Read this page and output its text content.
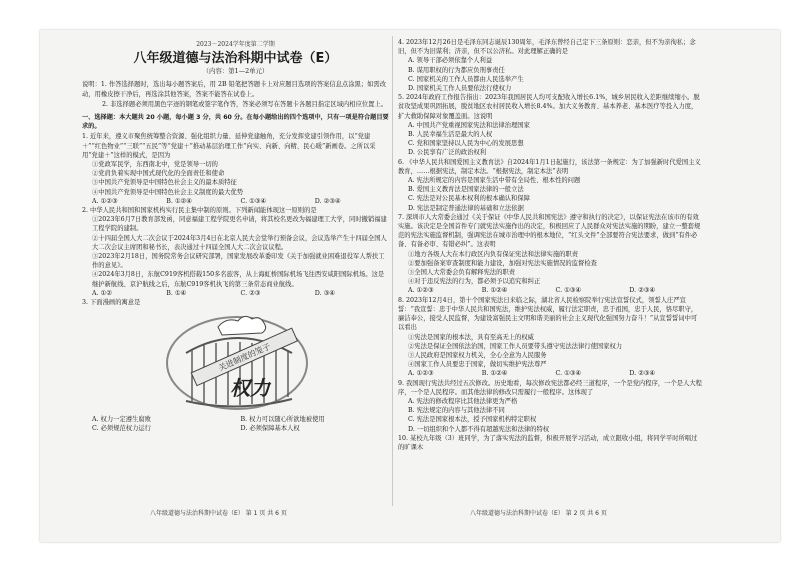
2023－2024学年度第二学期
八年级道德与法治科期中试卷（E）
（内容：第1—2单元）

说明：1. 作答选择题时，选出每小题答案后，用 2B 铅笔把答题卡上对应题目选项的答案信息点涂黑；如需改动，用橡皮擦干净后，再选涂其他答案，答案不能答在试卷上。

2. 非选择题必须用黑色字迹的钢笔或签字笔作答，答案必须写在答题卡各题目指定区域内相应位置上。

一、选择题：本大题共 20 小题，每小题 3 分，共 60 分。在每小题给出的四个选项中，只有一项是符合题目要求的。

1. 近年来，遵义市聚焦统筹整合资源、强化组织力量、延伸党建触角，充分发挥党建引领作用，以“党建＋”“红色物业”“三联”“五民”等“党建＋”推动基层治理工作“向实、向新、向精、民心暖”新画卷。之所以采用“党建＋”这样的模式，是因为

①党政军民学，东西南北中，党是领导一切的

②党肩负着实现中国式现代化的全面责任和使命

③中国共产党领导是中国特色社会主义的最本质特征

④中国共产党领导是中国特色社会主义制度的最大优势

A. ①②③	B. ①②④	C. ①③④	D. ②③④

2. 中华人民共和国和国家机构实行民主集中制的原则。下列新闻能体现这一原则的是

①2023年6月7日教育部发函，同意福建工程学院更名申请，将其校名更改为福建理工大学，同时撤销福建工程学院的建制。

②十四届全国人大二次会议于2024年3月4日在北京人民大会堂举行预备会议，会议选举产生十四届全国人大二次会议主席团和秘书长，表决通过十四届全国人大二次会议议程。

③2023年2月18日，国务院常务会议研究部署，国家发展改革委印发《关于加强就业困难退役军人帮扶工作的意见》。

④2024年3月8日，东航C919客机搭载150多名旅客，从上海虹桥国际机场飞往西安咸阳国际机场。这是继护新航线、京沪航线之后，东航C919客机执飞的第三条常态商业航线。

A. ①②	B. ①④	C. ②③	D. ③④

3. 下面漫画的寓意是

关进制度的笼子
权力
A. 权力一定遵生腐败	B. 权力可以随心所欲地被使用
C. 必须规范权力运行	D. 必须保障基本人权

4. 2023年12月26日是毛泽东同志诞辰130周年，毛泽东曾经自己定下三条原则：恋亲，但不为亲徇私；念旧，但不为旧谋利；济亲，但不以公济私。对此理解正确的是

A. 领导干部必须依靠个人利益

B. 谋用职权的行为都应负刑事责任

C. 国家机关的工作人员都由人民选举产生

D. 国家机关工作人员要依法行使权力

5. 2024年政府工作报告指出：2023年我国居民人均可支配收入增长6.1%，城乡居民收入差距继续缩小。脱贫攻坚成果巩固拓展，脱贫地区农村居民收入增长8.4%。加大义务教育、基本养老、基本医疗等投入力度，扩大救助保障对象覆盖面。这说明

A. 中国共产党重视国家宪法和法律治理国家

B. 人民幸福生活是最大的人权

C. 党和国家坚持以人民为中心的发展思想

D. 公民享有广泛的政治权利

6. 《中华人民共和国爱国主义教育法》自2024年1月1日起施行，该法第一条规定：为了加强新时代爱国主义教育，……根据宪法，制定本法。“根据宪法，制定本法”表明

A. 宪法所规定的内容是国家生活中带有全局性、根本性的问题

B. 爱国主义教育法是国家法律的一般立法

C. 宪法是对公民基本权利的根本确认和保障

D. 宪法是制定普通法律的基础和立法依据

7. 深圳市人大常委会通过《关于保证《中华人民共和国宪法》遵守和执行的决定》，以保证宪法在该市的有效实施。该决定是全国首件专门就宪法实施作出的决定，积极回应了人民群众对宪法实施的期盼，建立一整套规范的宪法实施监督机制，强调宪法在城市治理中的根本地位，“红头文件”全部要符合宪法要求，做到“有件必备、有备必审、有错必纠”。这表明

①地方各级人大在本行政区内负有保证宪法和法律实施的职责

②要加强备案审查制度和能力建设，加强对宪法实施情况的监督检查

③全国人大常委会负有解释宪法的职责

④对于违反宪法的行为，都必须予以追究和纠正

A. ①②③	B. ①②④	C. ①③④	D. ②③④

8. 2023年12月4日，第十个国家宪法日来临之际，湖北省人民检察院举行宪法宣誓仪式，领誓人庄严宣誓：“我宣誓：忠于中华人民共和国宪法，维护宪法权威，履行法定职责，忠于祖国，忠于人民，恪尽职守，廉洁奉公，接受人民监督，为建设富强民主文明和谐美丽的社会主义现代化强国努力奋斗！”从宣誓誓词中可以看出

①宪法是国家的根本法，具有至高无上的权威

②宪法是保证全国依法治国，国家工作人员要带头遵守宪法法律行使国家权力

③人民政府是国家权力机关，全心全意为人民服务

④国家工作人员要忠于国家，做切实维护宪法尊严

A. ①②③	B. ①②④	C. ①③④	D. ②③④

9. 我国现行宪法共经过五次修改。历史地看，每次修改宪法都必经三道程序，一个是党内程序，一个是人大程序，一个是人民程序。而其他法律的修改只需履行一般程序。这体现了

A. 宪法的修改程序比其他法律更为严格

B. 宪法规定的内容与其他法律不同

C. 宪法是国家根本法，授予国家机构特定职权

D. 一切组织和个人都不得有超越宪法和法律的特权

10. 某校九年级（3）班同学，为了落实宪法的监督，积极开展学习活动，成立跟收小组，将同学平时所唱过的旷课木

八年级道德与法治科期中试卷（E） 第 1 页 共 6 页	八年级道德与法治科期中试卷（E） 第 2 页 共 6 页
